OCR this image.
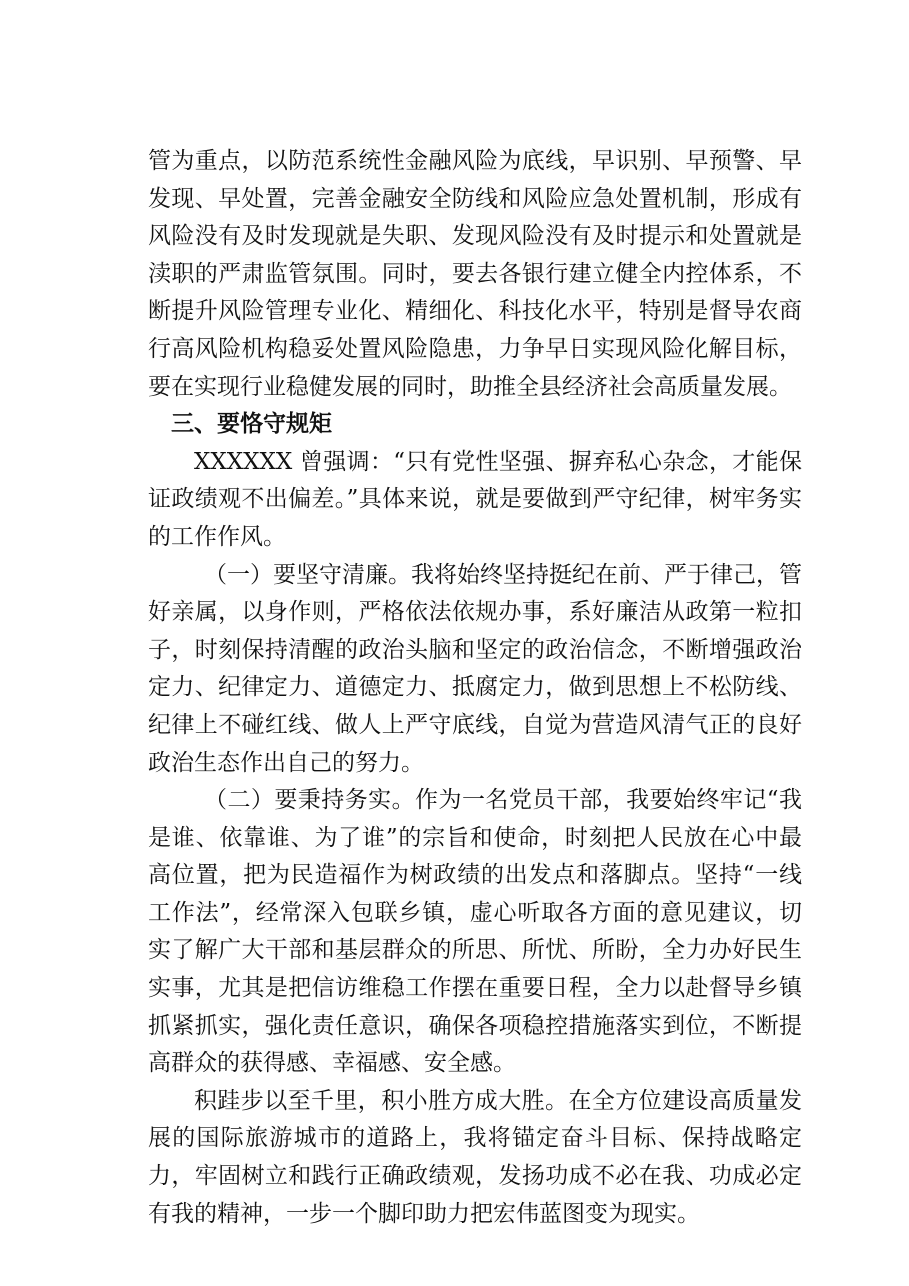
管为重点，以防范系统性金融风险为底线，早识别、早预警、早发现、早处置，完善金融安全防线和风险应急处置机制，形成有风险没有及时发现就是失职、发现风险没有及时提示和处置就是渎职的严肃监管氛围。同时，要去各银行建立健全内控体系，不断提升风险管理专业化、精细化、科技化水平，特别是督导农商行高风险机构稳妥处置风险隐患，力争早日实现风险化解目标，要在实现行业稳健发展的同时，助推全县经济社会高质量发展。

三、要恪守规矩

XXXXXX 曾强调：“只有党性坚强、摒弃私心杂念，才能保证政绩观不出偏差。”具体来说，就是要做到严守纪律，树牢务实的工作作风。

（一）要坚守清廉。我将始终坚持挺纪在前、严于律己，管好亲属，以身作则，严格依法依规办事，系好廉洁从政第一粒扣子，时刻保持清醒的政治头脑和坚定的政治信念，不断增强政治定力、纪律定力、道德定力、抵腐定力，做到思想上不松防线、纪律上不碰红线、做人上严守底线，自觉为营造风清气正的良好政治生态作出自己的努力。

（二）要秉持务实。作为一名党员干部，我要始终牢记“我是谁、依靠谁、为了谁”的宗旨和使命，时刻把人民放在心中最高位置，把为民造福作为树政绩的出发点和落脚点。坚持“一线工作法”，经常深入包联乡镇，虚心听取各方面的意见建议，切实了解广大干部和基层群众的所思、所忧、所盼，全力办好民生实事，尤其是把信访维稳工作摆在重要日程，全力以赴督导乡镇抓紧抓实，强化责任意识，确保各项稳控措施落实到位，不断提高群众的获得感、幸福感、安全感。

积跬步以至千里，积小胜方成大胜。在全方位建设高质量发展的国际旅游城市的道路上，我将锚定奋斗目标、保持战略定力，牢固树立和践行正确政绩观，发扬功成不必在我、功成必定有我的精神，一步一个脚印助力把宏伟蓝图变为现实。
